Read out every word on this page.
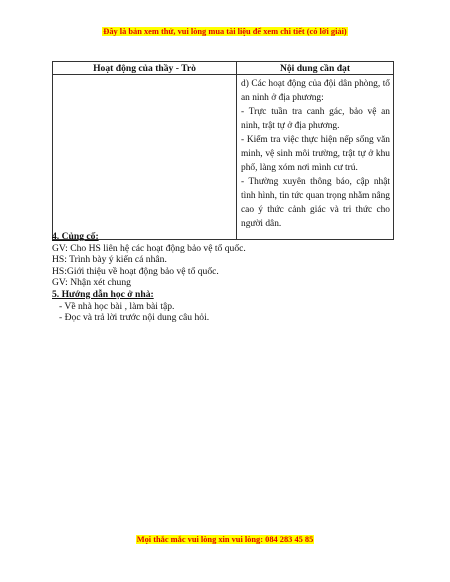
Đây là bản xem thử, vui lòng mua tài liệu để xem chi tiết (có lời giải)
Hoạt động của thầy - Trò	Nội dung cần đạt

	d) Các hoạt động của đội dân phòng, tổ an ninh ở địa phương:

- Trực tuần tra canh gác, bảo vệ an ninh, trật tự ở địa phương.

- Kiểm tra việc thực hiện nếp sống văn minh, vệ sinh môi trường, trật tự ở khu phố, làng xóm nơi mình cư trú.

- Thường xuyên thông báo, cập nhật tình hình, tin tức quan trọng nhằm nâng cao ý thức cảnh giác và tri thức cho người dân.

4. Củng cố:

GV: Cho HS liên hệ các hoạt động bảo vệ tổ quốc.

HS: Trình bày ý kiến cá nhân.

HS:Giới thiệu về hoạt động bảo vệ tổ quốc.

GV: Nhận xét chung

5. Hướng dẫn học ở nhà:

- Về nhà học bài , làm bài tập.

- Đọc và trả lời trước nội dung câu hỏi.

Mọi thắc mắc vui lòng xin vui lòng: 084 283 45 85
